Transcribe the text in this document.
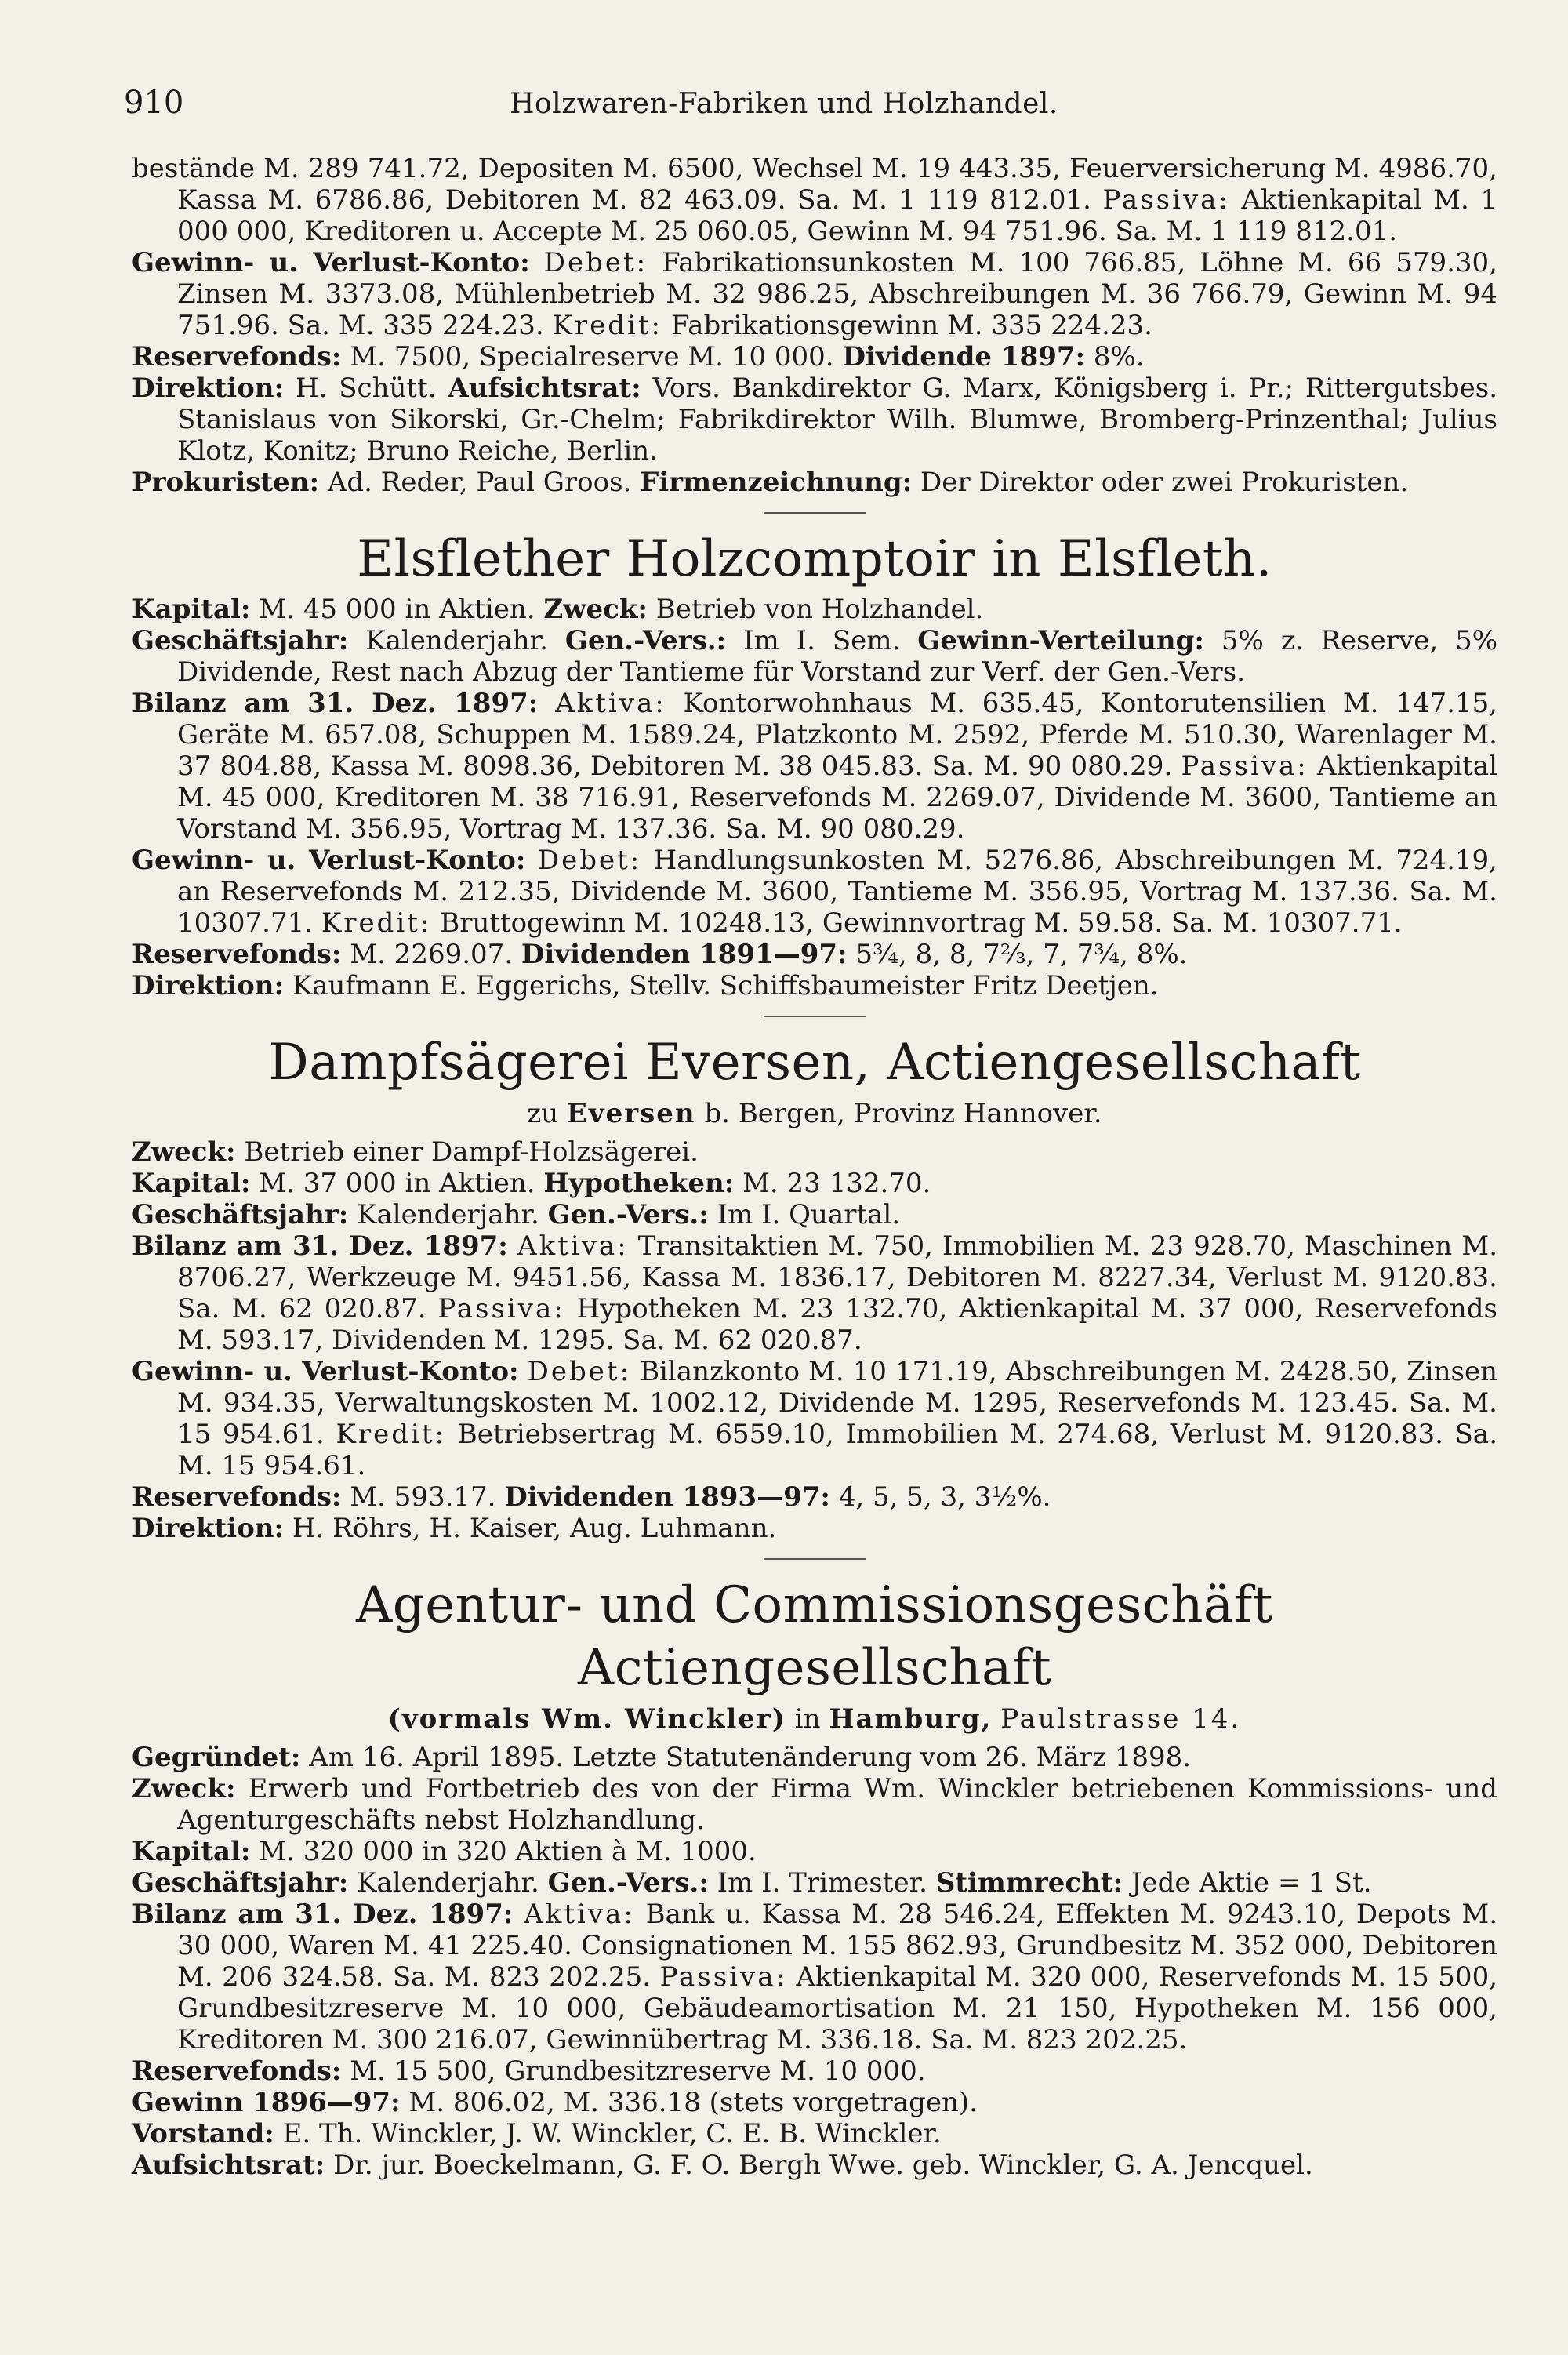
910	Holzwaren-Fabriken und Holzhandel.

bestände M. 289 741.72, Depositen M. 6500, Wechsel M. 19 443.35, Feuerversicherung M. 4986.70, Kassa M. 6786.86, Debitoren M. 82 463.09. Sa. M. 1 119 812.01. Passiva: Aktienkapital M. 1 000 000, Kreditoren u. Accepte M. 25 060.05, Gewinn M. 94 751.96. Sa. M. 1 119 812.01.

Gewinn- u. Verlust-Konto: Debet: Fabrikationsunkosten M. 100 766.85, Löhne M. 66 579.30, Zinsen M. 3373.08, Mühlenbetrieb M. 32 986.25, Abschreibungen M. 36 766.79, Gewinn M. 94 751.96. Sa. M. 335 224.23. Kredit: Fabrikationsgewinn M. 335 224.23.

Reservefonds: M. 7500, Specialreserve M. 10 000. Dividende 1897: 8%.

Direktion: H. Schütt. Aufsichtsrat: Vors. Bankdirektor G. Marx, Königsberg i. Pr.; Rittergutsbes. Stanislaus von Sikorski, Gr.-Chelm; Fabrikdirektor Wilh. Blumwe, Bromberg-Prinzenthal; Julius Klotz, Konitz; Bruno Reiche, Berlin.

Prokuristen: Ad. Reder, Paul Groos. Firmenzeichnung: Der Direktor oder zwei Prokuristen.

Elsflether Holzcomptoir in Elsfleth.

Kapital: M. 45 000 in Aktien. Zweck: Betrieb von Holzhandel.

Geschäftsjahr: Kalenderjahr. Gen.-Vers.: Im I. Sem. Gewinn-Verteilung: 5% z. Reserve, 5% Dividende, Rest nach Abzug der Tantieme für Vorstand zur Verf. der Gen.-Vers.

Bilanz am 31. Dez. 1897: Aktiva: Kontorwohnhaus M. 635.45, Kontorutensilien M. 147.15, Geräte M. 657.08, Schuppen M. 1589.24, Platzkonto M. 2592, Pferde M. 510.30, Warenlager M. 37 804.88, Kassa M. 8098.36, Debitoren M. 38 045.83. Sa. M. 90 080.29. Passiva: Aktienkapital M. 45 000, Kreditoren M. 38 716.91, Reservefonds M. 2269.07, Dividende M. 3600, Tantieme an Vorstand M. 356.95, Vortrag M. 137.36. Sa. M. 90 080.29.

Gewinn- u. Verlust-Konto: Debet: Handlungsunkosten M. 5276.86, Abschreibungen M. 724.19, an Reservefonds M. 212.35, Dividende M. 3600, Tantieme M. 356.95, Vortrag M. 137.36. Sa. M. 10307.71. Kredit: Bruttogewinn M. 10248.13, Gewinnvortrag M. 59.58. Sa. M. 10307.71.

Reservefonds: M. 2269.07. Dividenden 1891—97: 5¾, 8, 8, 7⅔, 7, 7¾, 8%.

Direktion: Kaufmann E. Eggerichs, Stellv. Schiffsbaumeister Fritz Deetjen.

Dampfsägerei Eversen, Actiengesellschaft

zu Eversen b. Bergen, Provinz Hannover.

Zweck: Betrieb einer Dampf-Holzsägerei.

Kapital: M. 37 000 in Aktien. Hypotheken: M. 23 132.70.

Geschäftsjahr: Kalenderjahr. Gen.-Vers.: Im I. Quartal.

Bilanz am 31. Dez. 1897: Aktiva: Transitaktien M. 750, Immobilien M. 23 928.70, Maschinen M. 8706.27, Werkzeuge M. 9451.56, Kassa M. 1836.17, Debitoren M. 8227.34, Verlust M. 9120.83. Sa. M. 62 020.87. Passiva: Hypotheken M. 23 132.70, Aktienkapital M. 37 000, Reservefonds M. 593.17, Dividenden M. 1295. Sa. M. 62 020.87.

Gewinn- u. Verlust-Konto: Debet: Bilanzkonto M. 10 171.19, Abschreibungen M. 2428.50, Zinsen M. 934.35, Verwaltungskosten M. 1002.12, Dividende M. 1295, Reservefonds M. 123.45. Sa. M. 15 954.61. Kredit: Betriebsertrag M. 6559.10, Immobilien M. 274.68, Verlust M. 9120.83. Sa. M. 15 954.61.

Reservefonds: M. 593.17. Dividenden 1893—97: 4, 5, 5, 3, 3½%.

Direktion: H. Röhrs, H. Kaiser, Aug. Luhmann.

Agentur- und Commissionsgeschäft Actiengesellschaft

(vormals Wm. Winckler) in Hamburg, Paulstrasse 14.

Gegründet: Am 16. April 1895. Letzte Statutenänderung vom 26. März 1898.

Zweck: Erwerb und Fortbetrieb des von der Firma Wm. Winckler betriebenen Kommissions- und Agenturgeschäfts nebst Holzhandlung.

Kapital: M. 320 000 in 320 Aktien à M. 1000.

Geschäftsjahr: Kalenderjahr. Gen.-Vers.: Im I. Trimester. Stimmrecht: Jede Aktie = 1 St.

Bilanz am 31. Dez. 1897: Aktiva: Bank u. Kassa M. 28 546.24, Effekten M. 9243.10, Depots M. 30 000, Waren M. 41 225.40. Consignationen M. 155 862.93, Grundbesitz M. 352 000, Debitoren M. 206 324.58. Sa. M. 823 202.25. Passiva: Aktienkapital M. 320 000, Reservefonds M. 15 500, Grundbesitzreserve M. 10 000, Gebäudeamortisation M. 21 150, Hypotheken M. 156 000, Kreditoren M. 300 216.07, Gewinnübertrag M. 336.18. Sa. M. 823 202.25.

Reservefonds: M. 15 500, Grundbesitzreserve M. 10 000.

Gewinn 1896—97: M. 806.02, M. 336.18 (stets vorgetragen).

Vorstand: E. Th. Winckler, J. W. Winckler, C. E. B. Winckler.

Aufsichtsrat: Dr. jur. Boeckelmann, G. F. O. Bergh Wwe. geb. Winckler, G. A. Jencquel.
